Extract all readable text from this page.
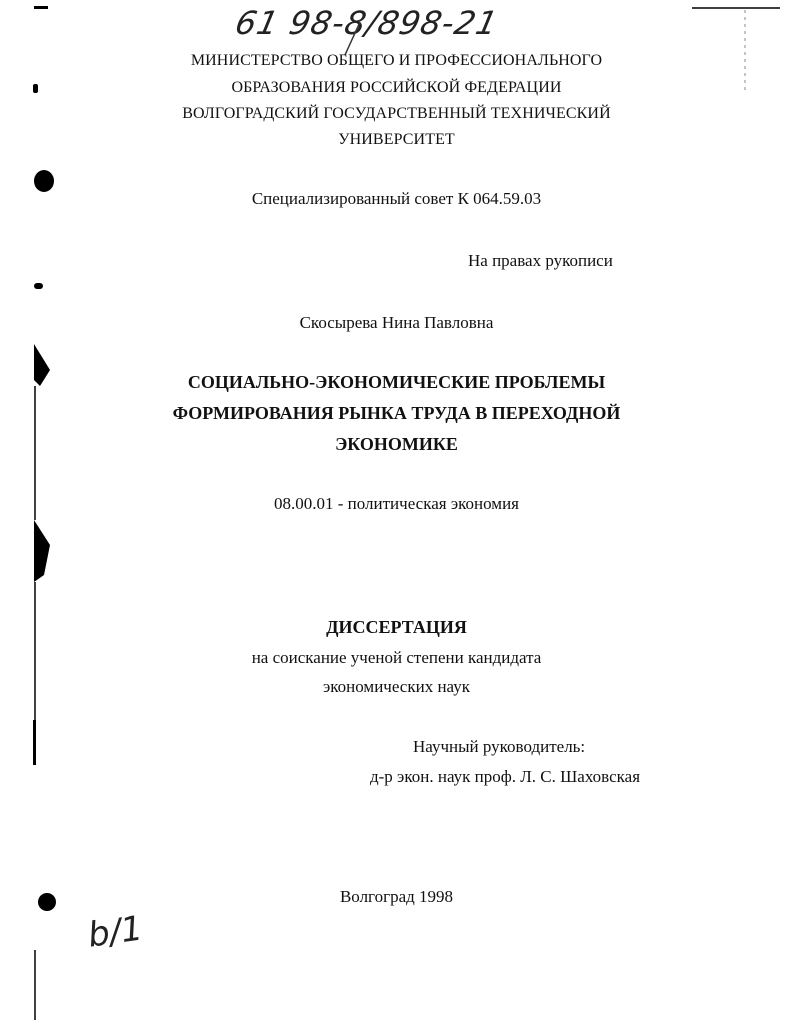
61 98-8/898-21
b/1
МИНИСТЕРСТВО ОБЩЕГО И ПРОФЕССИОНАЛЬНОГО
ОБРАЗОВАНИЯ РОССИЙСКОЙ ФЕДЕРАЦИИ
ВОЛГОГРАДСКИЙ ГОСУДАРСТВЕННЫЙ ТЕХНИЧЕСКИЙ
УНИВЕРСИТЕТ
Специализированный совет К 064.59.03
На правах рукописи
Скосырева Нина Павловна
СОЦИАЛЬНО-ЭКОНОМИЧЕСКИЕ ПРОБЛЕМЫ
ФОРМИРОВАНИЯ РЫНКА ТРУДА В ПЕРЕХОДНОЙ
ЭКОНОМИКЕ
08.00.01 - политическая экономия
ДИССЕРТАЦИЯ
на соискание ученой степени кандидата
экономических наук
Научный руководитель:
д-р экон. наук проф. Л. С. Шаховская
Волгоград 1998
